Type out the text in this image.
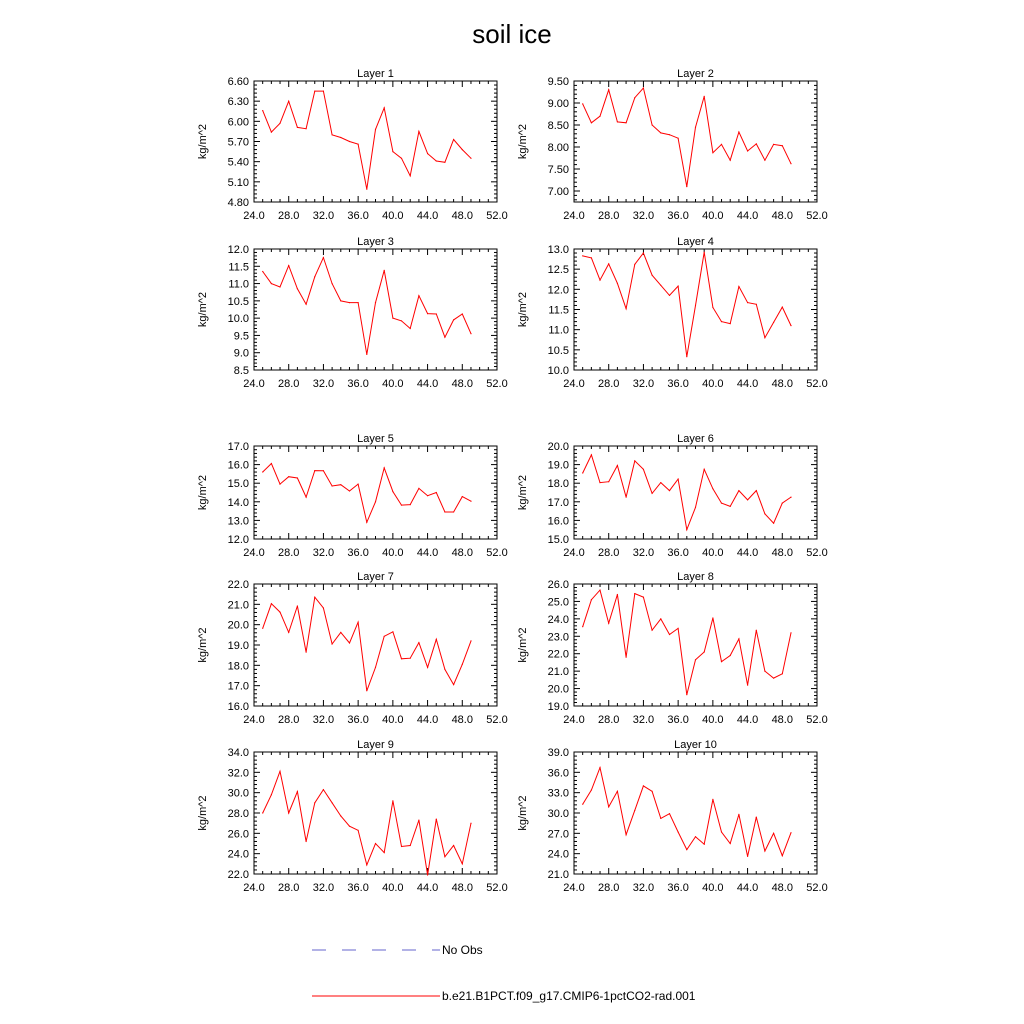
soil ice
Layer 1
24.0 28.0 32.0 36.0 40.0 44.0 48.0 52.0
4.80
5.10
5.40
5.70
6.00
6.30
6.60
kg/m^2
Layer 2
24.0 28.0 32.0 36.0 40.0 44.0 48.0 52.0
7.00
7.50
8.00
8.50
9.00
9.50
kg/m^2
Layer 3
24.0 28.0 32.0 36.0 40.0 44.0 48.0 52.0
8.5
9.0
9.5
10.0
10.5
11.0
11.5
12.0
kg/m^2
Layer 4
24.0 28.0 32.0 36.0 40.0 44.0 48.0 52.0
10.0
10.5
11.0
11.5
12.0
12.5
13.0
kg/m^2
Layer 5
24.0 28.0 32.0 36.0 40.0 44.0 48.0 52.0
12.0
13.0
14.0
15.0
16.0
17.0
kg/m^2
Layer 6
24.0 28.0 32.0 36.0 40.0 44.0 48.0 52.0
15.0
16.0
17.0
18.0
19.0
20.0
kg/m^2
Layer 7
24.0 28.0 32.0 36.0 40.0 44.0 48.0 52.0
16.0
17.0
18.0
19.0
20.0
21.0
22.0
kg/m^2
Layer 8
24.0 28.0 32.0 36.0 40.0 44.0 48.0 52.0
19.0
20.0
21.0
22.0
23.0
24.0
25.0
26.0
kg/m^2
Layer 9
24.0 28.0 32.0 36.0 40.0 44.0 48.0 52.0
22.0
24.0
26.0
28.0
30.0
32.0
34.0
kg/m^2
Layer 10
24.0 28.0 32.0 36.0 40.0 44.0 48.0 52.0
21.0
24.0
27.0
30.0
33.0
36.0
39.0
kg/m^2
No Obs
b.e21.B1PCT.f09_g17.CMIP6-1pctCO2-rad.001
